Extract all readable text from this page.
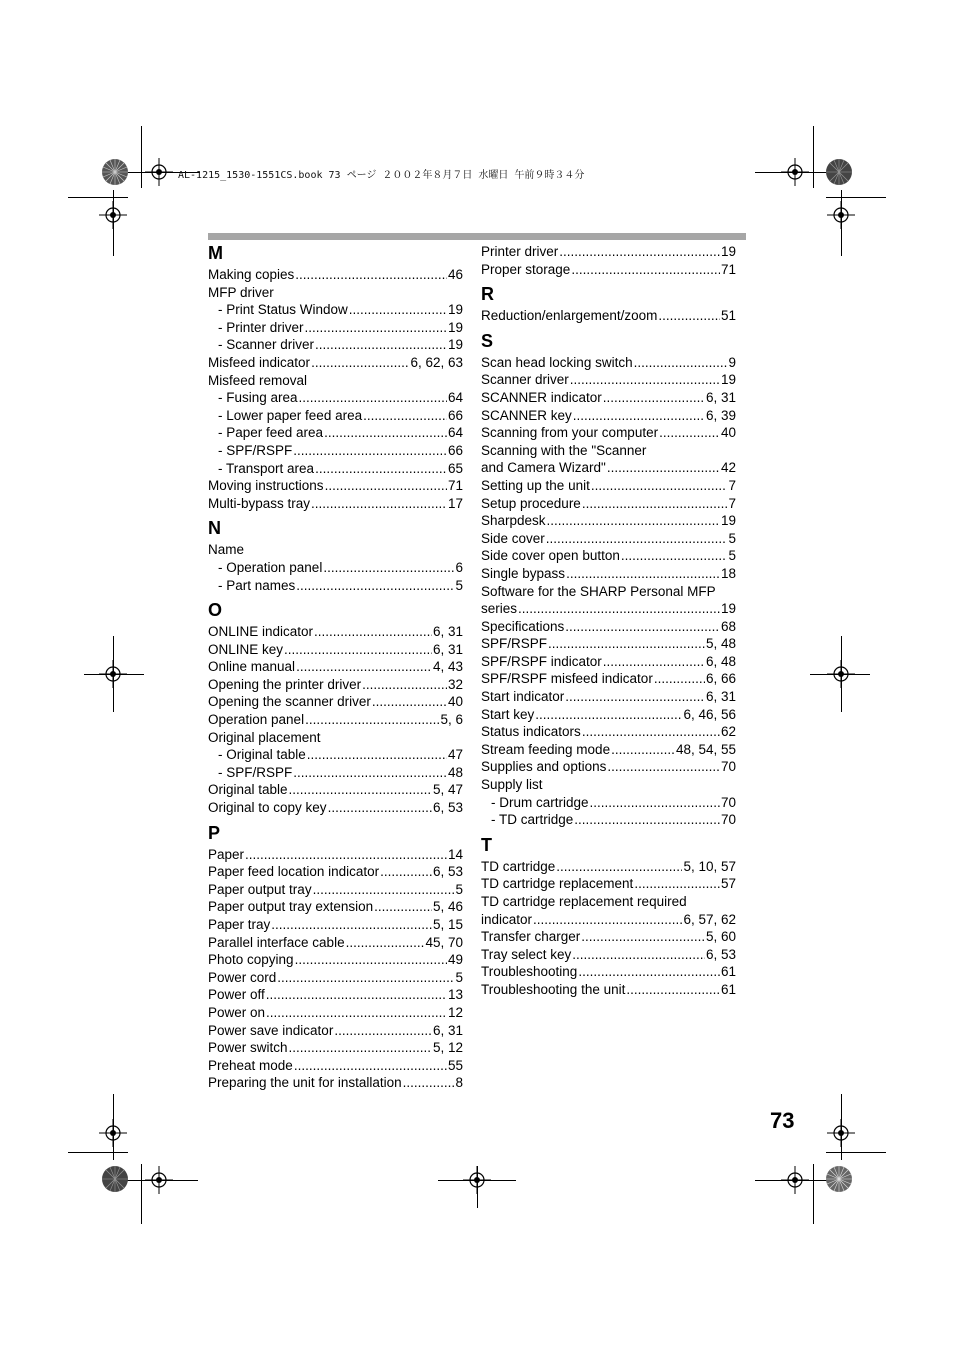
AL-1215_1530-1551CS.book 73 ページ ２００２年８月７日 水曜日 午前９時３４分
M
Making copies .....	46
MFP driver
- Print Status Window .....	19
- Printer driver .....	19
- Scanner driver .....	19
Misfeed indicator .....	6, 62, 63
Misfeed removal
- Fusing area .....	64
- Lower paper feed area .....	66
- Paper feed area .....	64
- SPF/RSPF .....	66
- Transport area .....	65
Moving instructions .....	71
Multi-bypass tray .....	17
N
Name
- Operation panel .....	6
- Part names .....	5
O
ONLINE indicator .....	6, 31
ONLINE key .....	6, 31
Online manual .....	4, 43
Opening the printer driver .....	32
Opening the scanner driver .....	40
Operation panel .....	5, 6
Original placement
- Original table .....	47
- SPF/RSPF .....	48
Original table .....	5, 47
Original to copy key .....	6, 53
P
Paper .....	14
Paper feed location indicator .....	6, 53
Paper output tray .....	5
Paper output tray extension .....	5, 46
Paper tray .....	5, 15
Parallel interface cable .....	45, 70
Photo copying .....	49
Power cord .....	5
Power off .....	13
Power on .....	12
Power save indicator .....	6, 31
Power switch .....	5, 12
Preheat mode .....	55
Preparing the unit for installation .....	8
Printer driver .....	19
Proper storage .....	71
R
Reduction/enlargement/zoom .....	51
S
Scan head locking switch .....	9
Scanner driver .....	19
SCANNER indicator .....	6, 31
SCANNER key .....	6, 39
Scanning from your computer .....	40
Scanning with the "Scanner
and Camera Wizard" .....	42
Setting up the unit .....	7
Setup procedure .....	7
Sharpdesk .....	19
Side cover .....	5
Side cover open button .....	5
Single bypass .....	18
Software for the SHARP Personal MFP
series .....	19
Specifications .....	68
SPF/RSPF .....	5, 48
SPF/RSPF indicator .....	6, 48
SPF/RSPF misfeed indicator .....	6, 66
Start indicator .....	6, 31
Start key .....	6, 46, 56
Status indicators .....	62
Stream feeding mode .....	48, 54, 55
Supplies and options .....	70
Supply list
- Drum cartridge .....	70
- TD cartridge .....	70
T
TD cartridge .....	5, 10, 57
TD cartridge replacement .....	57
TD cartridge replacement required
indicator .....	6, 57, 62
Transfer charger .....	5, 60
Tray select key .....	6, 53
Troubleshooting .....	61
Troubleshooting the unit .....	61
73
